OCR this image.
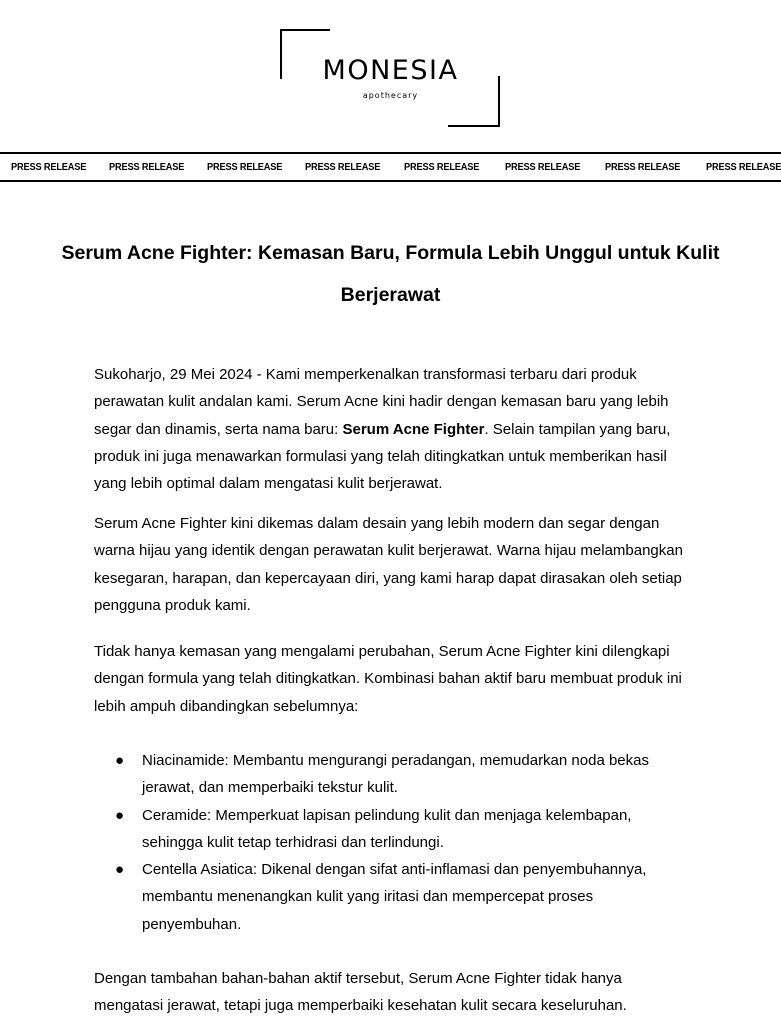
MONESIA
apothecary
PRESS RELEASE PRESS RELEASE PRESS RELEASE PRESS RELEASE PRESS RELEASE PRESS RELEASE PRESS RELEASE PRESS RELEASE
Serum Acne Fighter: Kemasan Baru, Formula Lebih Unggul untuk Kulit Berjerawat

Sukoharjo, 29 Mei 2024 - Kami memperkenalkan transformasi terbaru dari produk perawatan kulit andalan kami. Serum Acne kini hadir dengan kemasan baru yang lebih segar dan dinamis, serta nama baru: Serum Acne Fighter. Selain tampilan yang baru, produk ini juga menawarkan formulasi yang telah ditingkatkan untuk memberikan hasil yang lebih optimal dalam mengatasi kulit berjerawat.

Serum Acne Fighter kini dikemas dalam desain yang lebih modern dan segar dengan warna hijau yang identik dengan perawatan kulit berjerawat. Warna hijau melambangkan kesegaran, harapan, dan kepercayaan diri, yang kami harap dapat dirasakan oleh setiap pengguna produk kami.

Tidak hanya kemasan yang mengalami perubahan, Serum Acne Fighter kini dilengkapi dengan formula yang telah ditingkatkan. Kombinasi bahan aktif baru membuat produk ini lebih ampuh dibandingkan sebelumnya:

● Niacinamide: Membantu mengurangi peradangan, memudarkan noda bekas jerawat, dan memperbaiki tekstur kulit.
● Ceramide: Memperkuat lapisan pelindung kulit dan menjaga kelembapan, sehingga kulit tetap terhidrasi dan terlindungi.
● Centella Asiatica: Dikenal dengan sifat anti-inflamasi dan penyembuhannya, membantu menenangkan kulit yang iritasi dan mempercepat proses penyembuhan.

Dengan tambahan bahan-bahan aktif tersebut, Serum Acne Fighter tidak hanya mengatasi jerawat, tetapi juga memperbaiki kesehatan kulit secara keseluruhan.
